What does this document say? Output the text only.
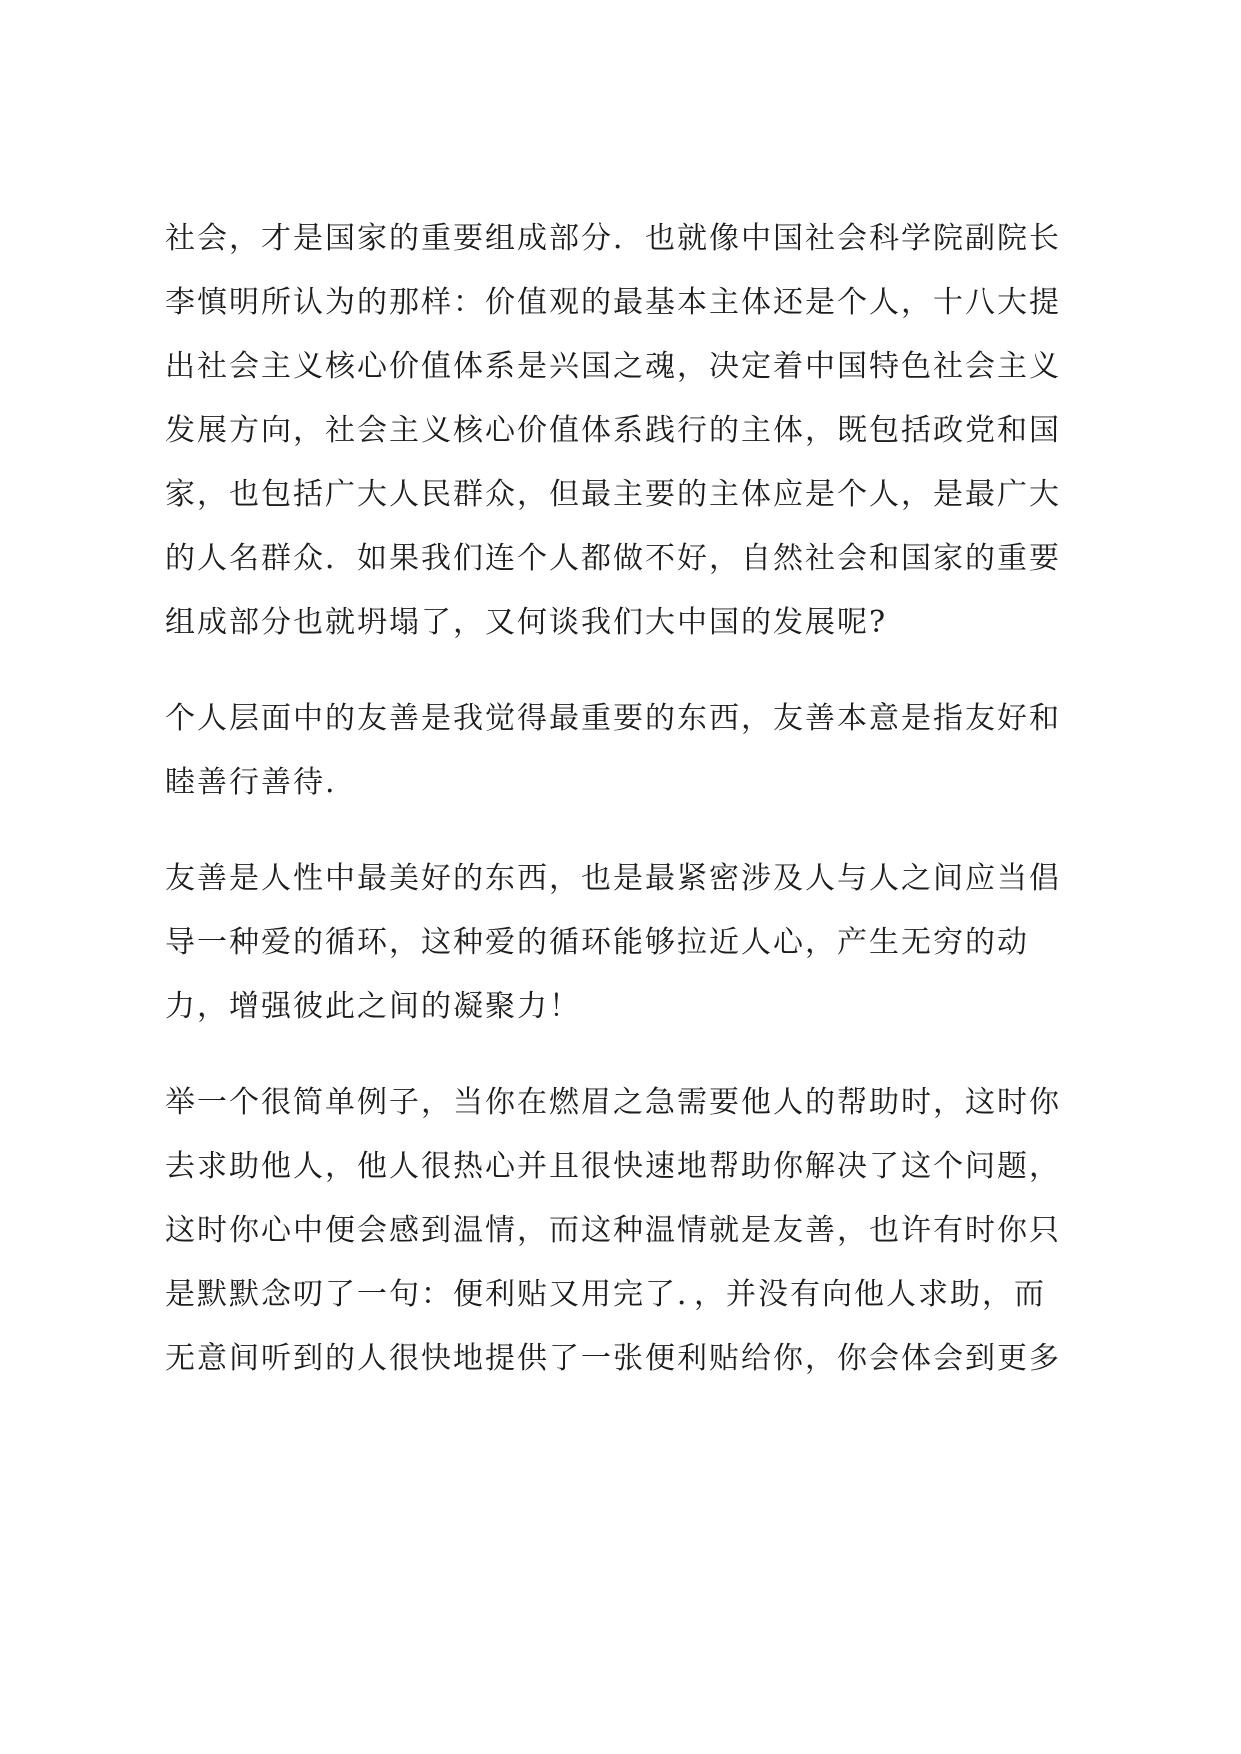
社会，才是国家的重要组成部分．也就像中国社会科学院副院长
李慎明所认为的那样：价值观的最基本主体还是个人，十八大提
出社会主义核心价值体系是兴国之魂，决定着中国特色社会主义
发展方向，社会主义核心价值体系践行的主体，既包括政党和国
家，也包括广大人民群众，但最主要的主体应是个人，是最广大
的人名群众．如果我们连个人都做不好，自然社会和国家的重要
组成部分也就坍塌了，又何谈我们大中国的发展呢?
个人层面中的友善是我觉得最重要的东西，友善本意是指友好和
睦善行善待.
友善是人性中最美好的东西，也是最紧密涉及人与人之间应当倡
导一种爱的循环，这种爱的循环能够拉近人心，产生无穷的动
力，增强彼此之间的凝聚力！
举一个很简单例子，当你在燃眉之急需要他人的帮助时，这时你
去求助他人，他人很热心并且很快速地帮助你解决了这个问题，
这时你心中便会感到温情，而这种温情就是友善，也许有时你只
是默默念叨了一句：便利贴又用完了．，并没有向他人求助，而
无意间听到的人很快地提供了一张便利贴给你，你会体会到更多
